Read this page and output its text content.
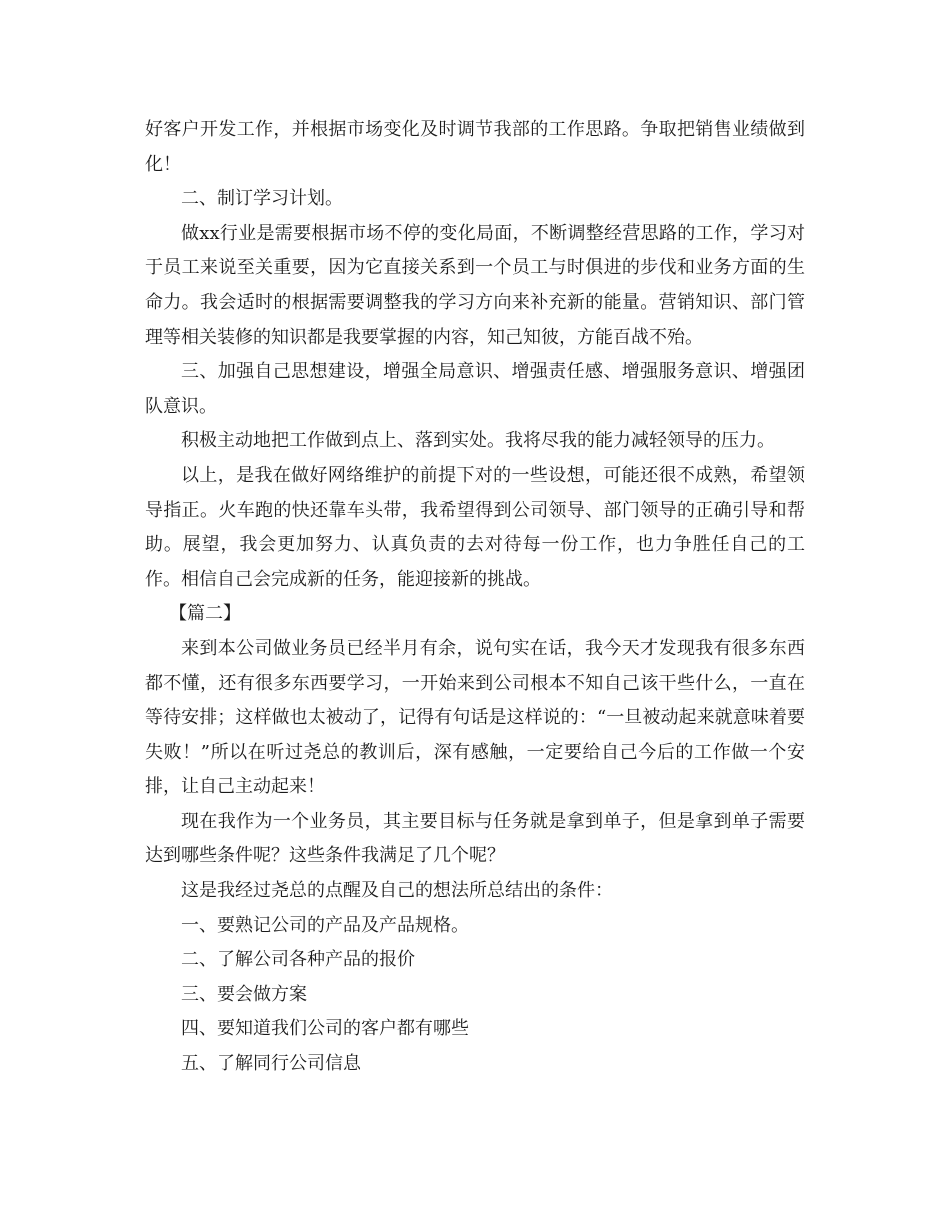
好客户开发工作，并根据市场变化及时调节我部的工作思路。争取把销售业绩做到化！

二、制订学习计划。

做xx行业是需要根据市场不停的变化局面，不断调整经营思路的工作，学习对于员工来说至关重要，因为它直接关系到一个员工与时俱进的步伐和业务方面的生命力。我会适时的根据需要调整我的学习方向来补充新的能量。营销知识、部门管理等相关装修的知识都是我要掌握的内容，知己知彼，方能百战不殆。

三、加强自己思想建设，增强全局意识、增强责任感、增强服务意识、增强团队意识。

积极主动地把工作做到点上、落到实处。我将尽我的能力减轻领导的压力。

以上，是我在做好网络维护的前提下对的一些设想，可能还很不成熟，希望领导指正。火车跑的快还靠车头带，我希望得到公司领导、部门领导的正确引导和帮助。展望，我会更加努力、认真负责的去对待每一份工作，也力争胜任自己的工作。相信自己会完成新的任务，能迎接新的挑战。

【篇二】

来到本公司做业务员已经半月有余，说句实在话，我今天才发现我有很多东西都不懂，还有很多东西要学习，一开始来到公司根本不知自己该干些什么，一直在等待安排；这样做也太被动了，记得有句话是这样说的：“一旦被动起来就意味着要失败！”所以在听过尧总的教训后，深有感触，一定要给自己今后的工作做一个安排，让自己主动起来！

现在我作为一个业务员，其主要目标与任务就是拿到单子，但是拿到单子需要达到哪些条件呢？这些条件我满足了几个呢？

这是我经过尧总的点醒及自己的想法所总结出的条件：

一、要熟记公司的产品及产品规格。

二、了解公司各种产品的报价

三、要会做方案

四、要知道我们公司的客户都有哪些

五、了解同行公司信息
